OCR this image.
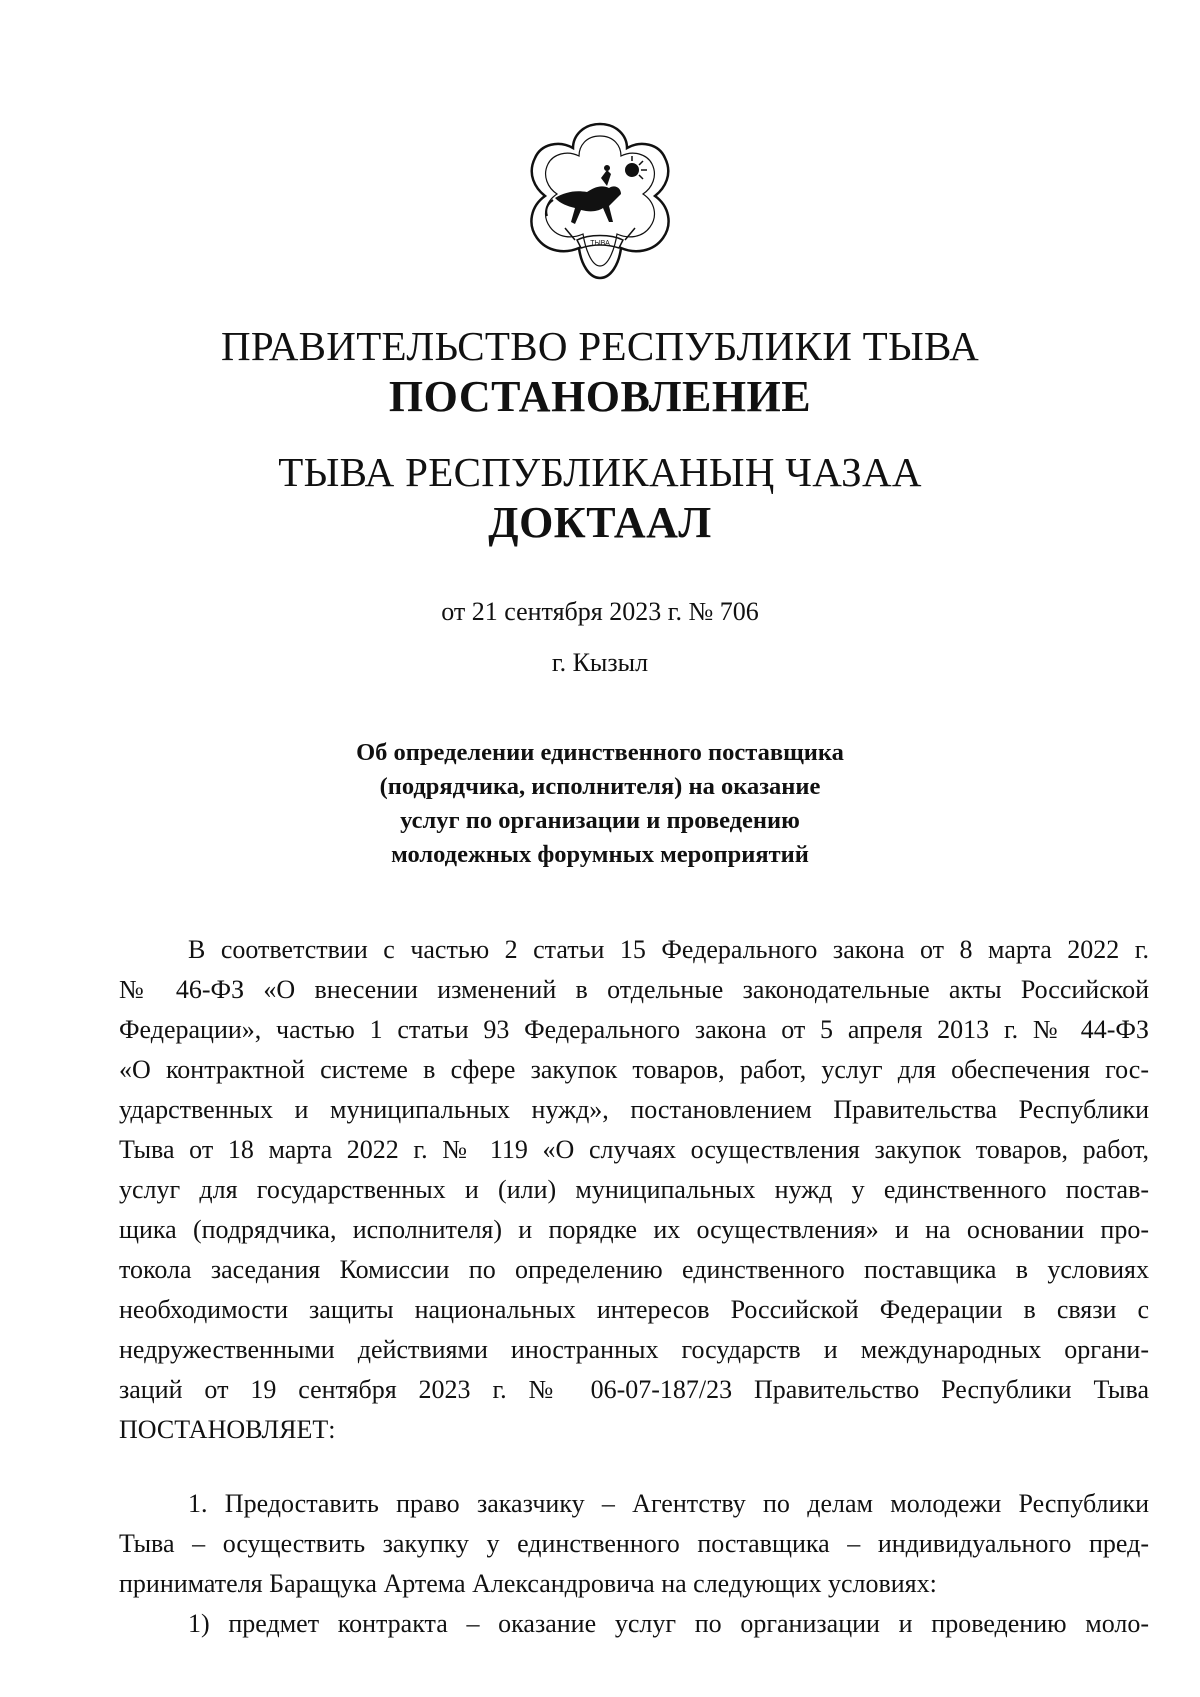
ТЫВА
ПРАВИТЕЛЬСТВО РЕСПУБЛИКИ ТЫВА
ПОСТАНОВЛЕНИЕ
ТЫВА РЕСПУБЛИКАНЫҢ ЧАЗАА
ДОКТААЛ
от 21 сентября 2023 г. № 706
г. Кызыл
Об определении единственного поставщика
(подрядчика, исполнителя) на оказание
услуг по организации и проведению
молодежных форумных мероприятий
В соответствии с частью 2 статьи 15 Федерального закона от 8 марта 2022 г.
№ 46-ФЗ «О внесении изменений в отдельные законодательные акты Российской
Федерации», частью 1 статьи 93 Федерального закона от 5 апреля 2013 г. № 44-ФЗ
«О контрактной системе в сфере закупок товаров, работ, услуг для обеспечения гос-
ударственных и муниципальных нужд», постановлением Правительства Республики
Тыва от 18 марта 2022 г. № 119 «О случаях осуществления закупок товаров, работ,
услуг для государственных и (или) муниципальных нужд у единственного постав-
щика (подрядчика, исполнителя) и порядке их осуществления» и на основании про-
токола заседания Комиссии по определению единственного поставщика в условиях
необходимости защиты национальных интересов Российской Федерации в связи с
недружественными действиями иностранных государств и международных органи-
заций от 19 сентября 2023 г. № 06-07-187/23 Правительство Республики Тыва
ПОСТАНОВЛЯЕТ:
1. Предоставить право заказчику – Агентству по делам молодежи Республики
Тыва – осуществить закупку у единственного поставщика – индивидуального пред-
принимателя Баращука Артема Александровича на следующих условиях:
1) предмет контракта – оказание услуг по организации и проведению моло-
